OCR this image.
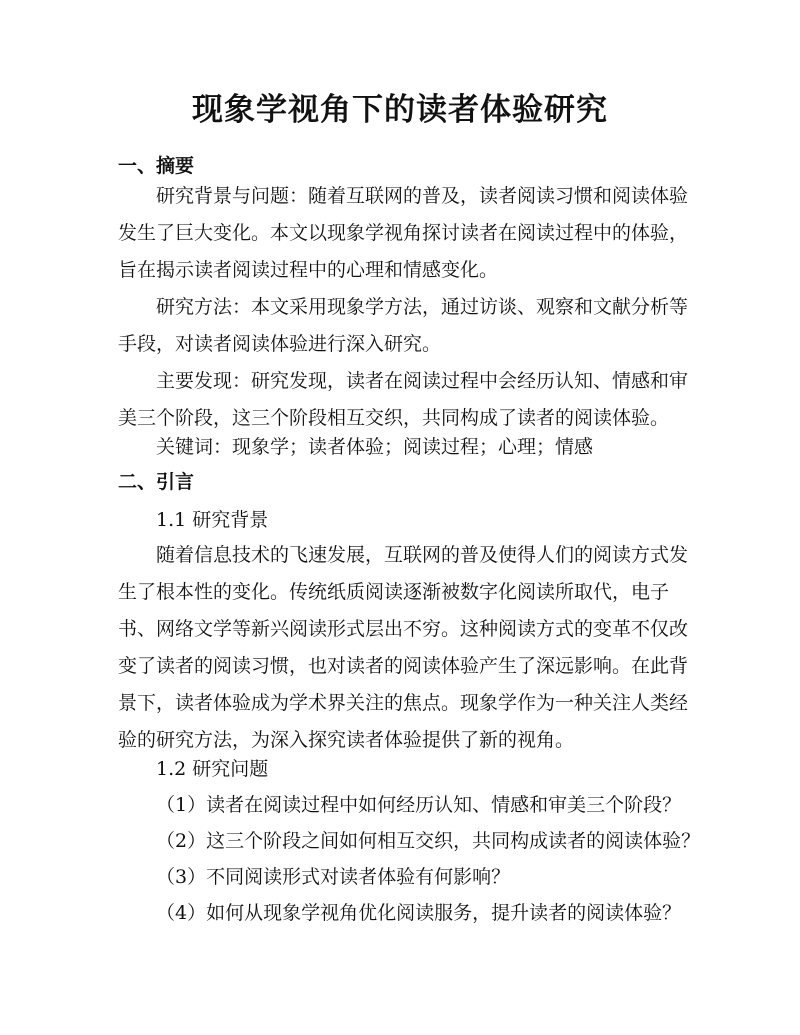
现象学视角下的读者体验研究

一、摘要

研究背景与问题：随着互联网的普及，读者阅读习惯和阅读体验发生了巨大变化。本文以现象学视角探讨读者在阅读过程中的体验，旨在揭示读者阅读过程中的心理和情感变化。

研究方法：本文采用现象学方法，通过访谈、观察和文献分析等手段，对读者阅读体验进行深入研究。

主要发现：研究发现，读者在阅读过程中会经历认知、情感和审美三个阶段，这三个阶段相互交织，共同构成了读者的阅读体验。

关键词：现象学；读者体验；阅读过程；心理；情感

二、引言

1.1 研究背景

随着信息技术的飞速发展，互联网的普及使得人们的阅读方式发生了根本性的变化。传统纸质阅读逐渐被数字化阅读所取代，电子书、网络文学等新兴阅读形式层出不穷。这种阅读方式的变革不仅改变了读者的阅读习惯，也对读者的阅读体验产生了深远影响。在此背景下，读者体验成为学术界关注的焦点。现象学作为一种关注人类经验的研究方法，为深入探究读者体验提供了新的视角。

1.2 研究问题

（1）读者在阅读过程中如何经历认知、情感和审美三个阶段？

（2）这三个阶段之间如何相互交织，共同构成读者的阅读体验？

（3）不同阅读形式对读者体验有何影响？

（4）如何从现象学视角优化阅读服务，提升读者的阅读体验？
